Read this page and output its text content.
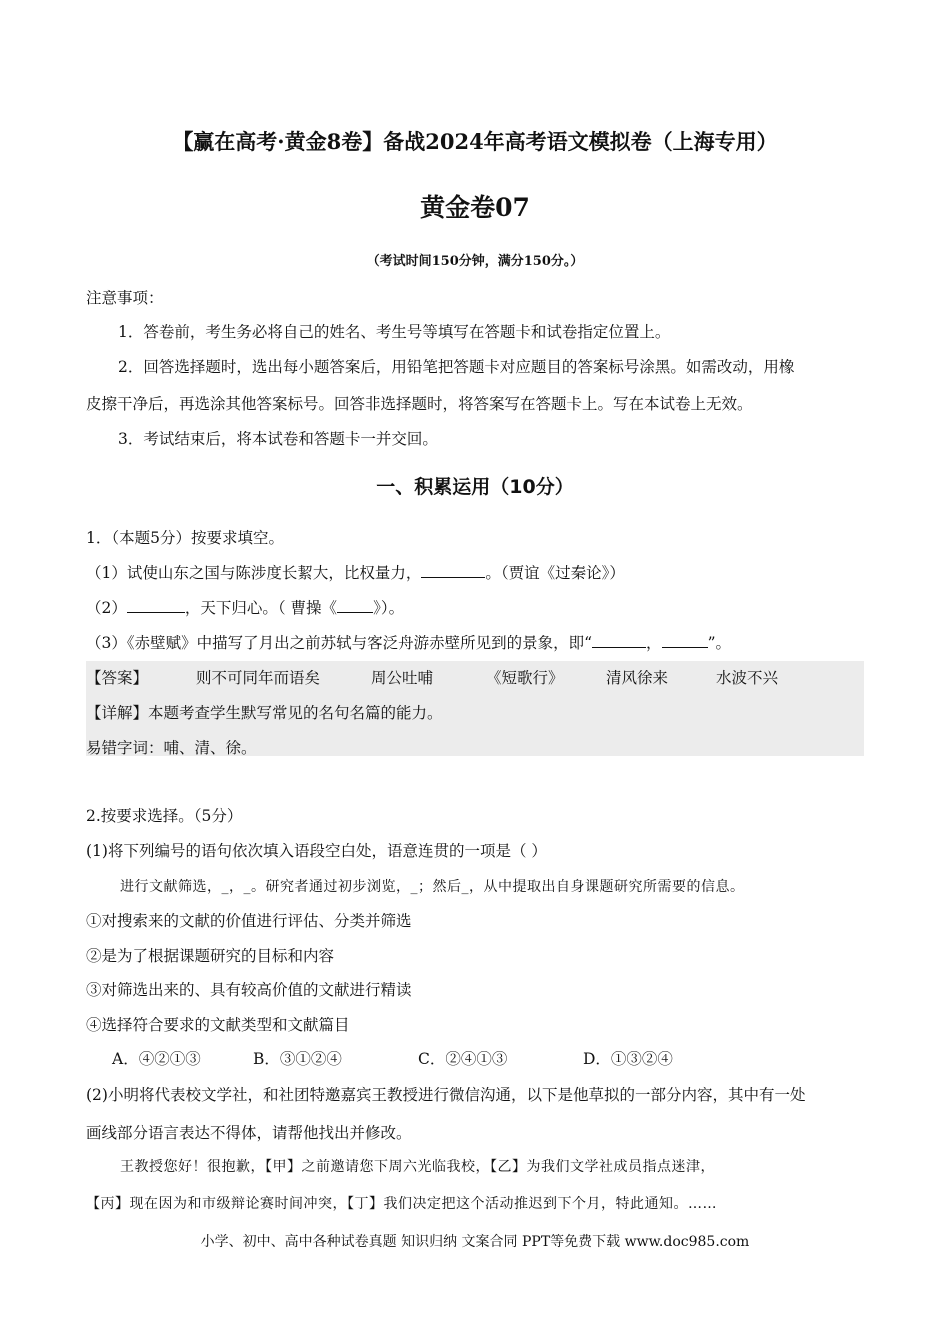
【赢在高考·黄金8卷】备战2024年高考语文模拟卷（上海专用）
黄金卷07
（考试时间150分钟，满分150分。）
注意事项：
1．答卷前，考生务必将自己的姓名、考生号等填写在答题卡和试卷指定位置上。
2．回答选择题时，选出每小题答案后，用铅笔把答题卡对应题目的答案标号涂黑。如需改动，用橡
皮擦干净后，再选涂其他答案标号。回答非选择题时，将答案写在答题卡上。写在本试卷上无效。
3．考试结束后，将本试卷和答题卡一并交回。
一、积累运用（10分）
1．（本题5分）按要求填空。
（1）试使山东之国与陈涉度长絜大，比权量力，	。（贾谊《过秦论》）
（2）	，天下归心。（ 曹操《 》）。
（3）《赤壁赋》中描写了月出之前苏轼与客泛舟游赤壁所见到的景象，即“	，	”。
【答案】	则不可同年而语矣	周公吐哺	《短歌行》	清风徐来	水波不兴
【详解】本题考查学生默写常见的名句名篇的能力。
易错字词：哺、清、徐。
2.按要求选择。（5分）
(1)将下列编号的语句依次填入语段空白处，语意连贯的一项是（ ）
进行文献筛选，_，_。研究者通过初步浏览，_；然后_，从中提取出自身课题研究所需要的信息。
①对搜索来的文献的价值进行评估、分类并筛选
②是为了根据课题研究的目标和内容
③对筛选出来的、具有较高价值的文献进行精读
④选择符合要求的文献类型和文献篇目
A．④②①③	B．③①②④	C．②④①③	D．①③②④
(2)小明将代表校文学社，和社团特邀嘉宾王教授进行微信沟通，以下是他草拟的一部分内容，其中有一处
画线部分语言表达不得体，请帮他找出并修改。
王教授您好！很抱歉，【甲】之前邀请您下周六光临我校，【乙】为我们文学社成员指点迷津，
【丙】现在因为和市级辩论赛时间冲突，【丁】我们决定把这个活动推迟到下个月，特此通知。……
小学、初中、高中各种试卷真题 知识归纳 文案合同 PPT等免费下载 www.doc985.com
